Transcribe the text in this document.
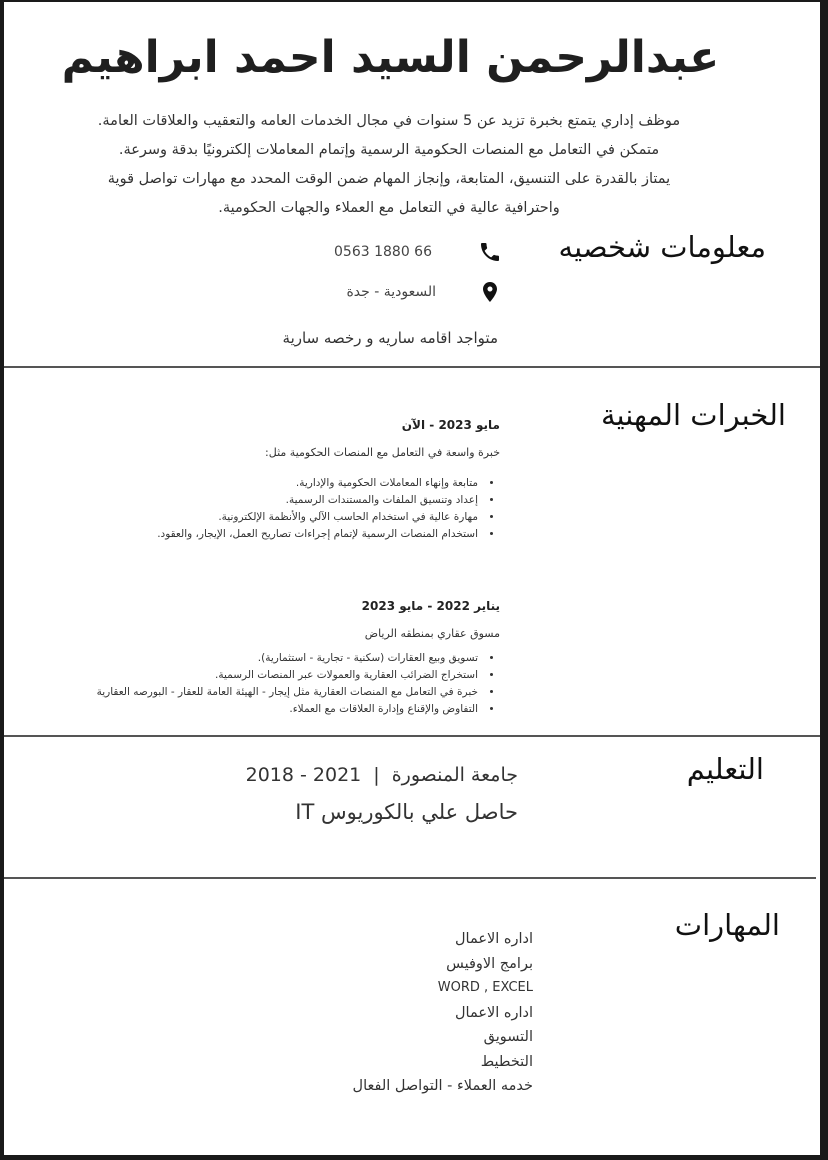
عبدالرحمن السيد احمد ابراهيم
موظف إداري يتمتع بخبرة تزيد عن 5 سنوات في مجال الخدمات العامه والتعقيب والعلاقات العامة.
متمكن في التعامل مع المنصات الحكومية الرسمية وإتمام المعاملات إلكترونيًا بدقة وسرعة.
يمتاز بالقدرة على التنسيق، المتابعة، وإنجاز المهام ضمن الوقت المحدد مع مهارات تواصل قوية
واحترافية عالية في التعامل مع العملاء والجهات الحكومية.
معلومات شخصيه
0563 1880 66
السعودية - جدة
متواجد اقامه ساريه و رخصه سارية
الخبرات المهنية
مايو 2023 - الآن
خبرة واسعة في التعامل مع المنصات الحكومية مثل:
• متابعة وإنهاء المعاملات الحكومية والإدارية.
• إعداد وتنسيق الملفات والمستندات الرسمية.
• مهارة عالية في استخدام الحاسب الآلي والأنظمة الإلكترونية.
• استخدام المنصات الرسمية لإتمام إجراءات تصاريح العمل، الإيجار، والعقود.
يناير 2022 - مايو 2023
مسوق عقاري بمنطقه الرياض
• تسويق وبيع العقارات (سكنية - تجارية - استثمارية).
• استخراج الضرائب العقارية والعمولات عبر المنصات الرسمية.
• خبرة في التعامل مع المنصات العقارية مثل إيجار - الهيئة العامة للعقار - البورصه العقارية
• التفاوض والإقناع وإدارة العلاقات مع العملاء.
التعليم
جامعة المنصورة
|
2018 - 2021
حاصل علي بالكوريوس IT
المهارات
اداره الاعمال
برامج الاوفيس
WORD , EXCEL
اداره الاعمال
التسويق
التخطيط
خدمه العملاء - التواصل الفعال
